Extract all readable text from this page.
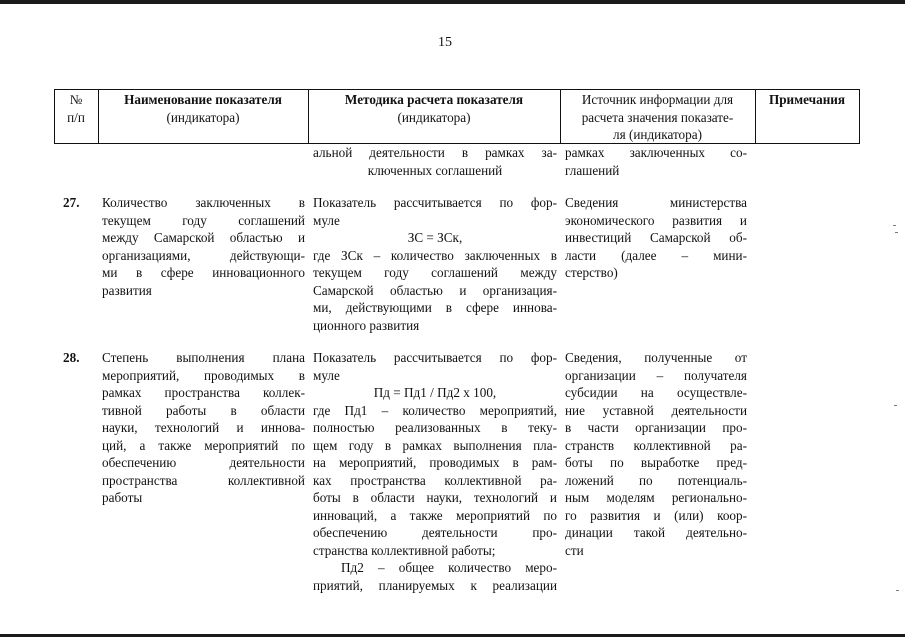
15
№
п/п
Наименование показателя
(индикатора)
Методика расчета показателя
(индикатора)
Источник информации для
расчета значения показате-
ля (индикатора)
Примечания
альной деятельности в рамках за-
ключенных соглашений
рамках заключенных со-
глашений
27. Количество заключенных в
текущем году соглашений
между Самарской областью и
организациями, действующи-
ми в сфере инновационного
развития
Показатель рассчитывается по фор-
муле
ЗС = ЗСк,
где ЗСк – количество заключенных в
текущем году соглашений между
Самарской областью и организация-
ми, действующими в сфере иннова-
ционного развития
Сведения министерства
экономического развития и
инвестиций Самарской об-
ласти (далее – мини-
стерство)
28. Степень выполнения плана
мероприятий, проводимых в
рамках пространства коллек-
тивной работы в области
науки, технологий и иннова-
ций, а также мероприятий по
обеспечению деятельности
пространства коллективной
работы
Показатель рассчитывается по фор-
муле
Пд = Пд1 / Пд2 х 100,
где Пд1 – количество мероприятий,
полностью реализованных в теку-
щем году в рамках выполнения пла-
на мероприятий, проводимых в рам-
ках пространства коллективной ра-
боты в области науки, технологий и
инноваций, а также мероприятий по
обеспечению деятельности про-
странства коллективной работы;
Пд2 – общее количество меро-
приятий, планируемых к реализации
Сведения, полученные от
организации – получателя
субсидии на осуществле-
ние уставной деятельности
в части организации про-
странств коллективной ра-
боты по выработке пред-
ложений по потенциаль-
ным моделям регионально-
го развития и (или) коор-
динации такой деятельно-
сти
